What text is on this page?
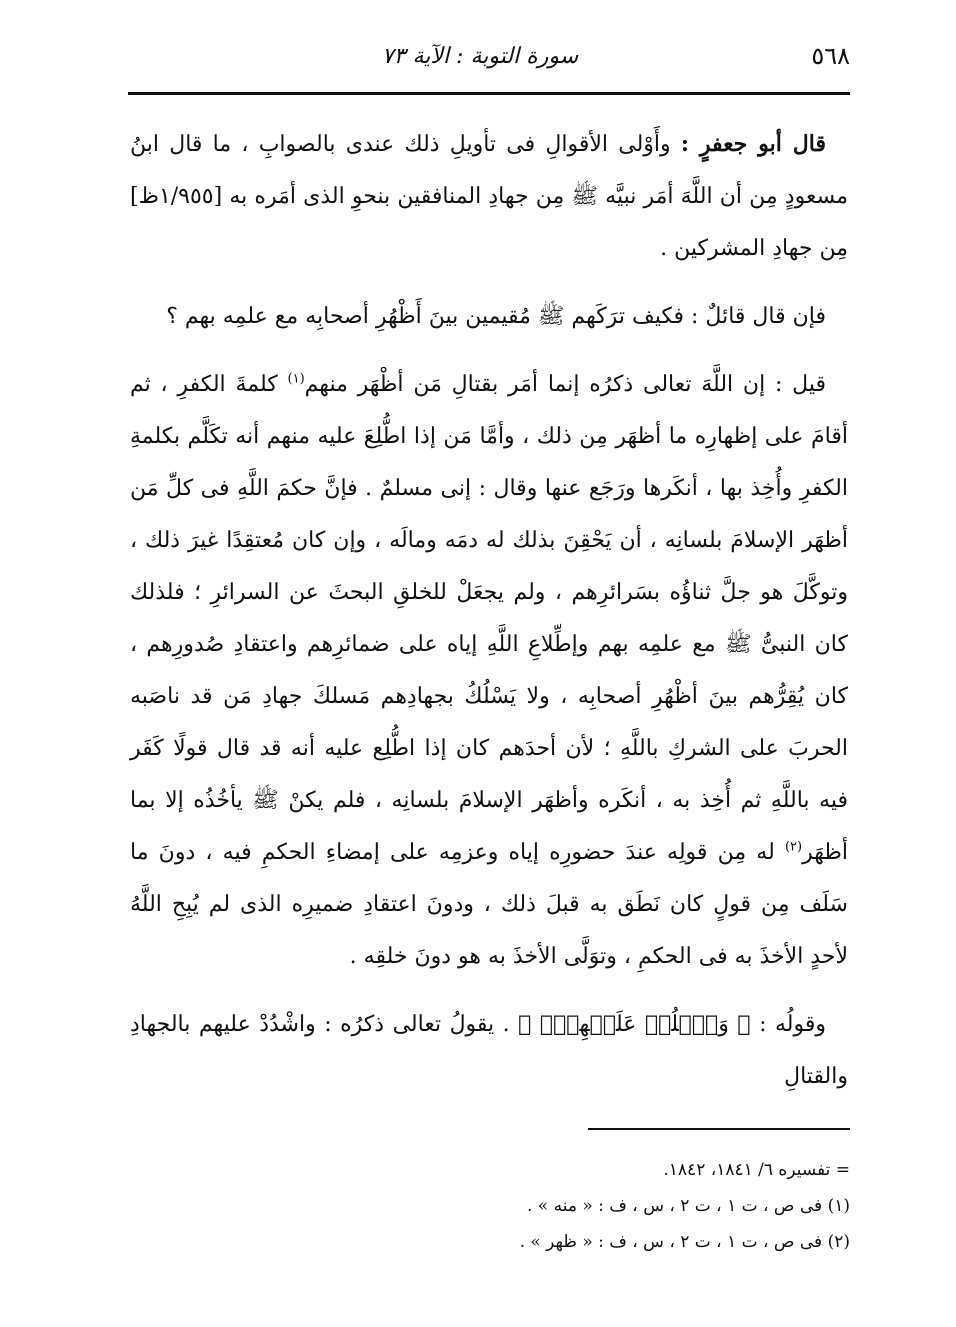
٥٦٨
سورة التوبة : الآية ٧٣

قال أبو جعفرٍ : وأَوْلى الأقوالِ فى تأويلِ ذلك عندى بالصوابِ ، ما قال ابنُ مسعودٍ مِن أن اللَّهَ أمَر نبيَّه ﷺ مِن جهادِ المنافقين بنحوِ الذى أمَره به [١/٩٥٥ظ] مِن جهادِ المشركين .

فإن قال قائلٌ : فكيف ترَكَهم ﷺ مُقيمين بينَ أَظْهُرِ أصحابِه مع علمِه بهم ؟

قيل : إن اللَّهَ تعالى ذكرُه إنما أمَر بقتالِ مَن أظْهَر منهم$^{(١)}$ كلمةَ الكفرِ ، ثم أقامَ على إظهارِه ما أظهَر مِن ذلك ، وأمَّا مَن إذا اطُّلِعَ عليه منهم أنه تكَلَّم بكلمةِ الكفرِ وأُخِذ بها ، أنكَرها ورَجَع عنها وقال : إنى مسلمٌ . فإنَّ حكمَ اللَّهِ فى كلِّ مَن أظهَر الإسلامَ بلسانِه ، أن يَحْقِنَ بذلك له دمَه ومالَه ، وإن كان مُعتقِدًا غيرَ ذلك ، وتوكَّلَ هو جلَّ ثناؤُه بسَرائرِهم ، ولم يجعَلْ للخلقِ البحثَ عن السرائرِ ؛ فلذلك كان النبىُّ ﷺ مع علمِه بهم وإطِّلاعِ اللَّهِ إياه على ضمائرِهم واعتقادِ صُدورِهم ، كان يُقِرُّهم بينَ أظْهُرِ أصحابِه ، ولا يَسْلُكُ بجهادِهم مَسلكَ جهادِ مَن قد ناصَبه الحربَ على الشركِ باللَّهِ ؛ لأن أحدَهم كان إذا اطُّلِع عليه أنه قد قال قولًا كَفَر فيه باللَّهِ ثم أُخِذ به ، أنكَره وأظهَر الإسلامَ بلسانِه ، فلم يكنْ ﷺ يأخُذُه إلا بما أظهَر$^{(٢)}$ له مِن قولِه عندَ حضورِه إياه وعزمِه على إمضاءِ الحكمِ فيه ، دونَ ما سَلَف مِن قولٍ كان نَطَق به قبلَ ذلك ، ودونَ اعتقادِ ضميرِه الذى لم يُبِحِ اللَّهُ لأحدٍ الأخذَ به فى الحكمِ ، وتوَلَّى الأخذَ به هو دونَ خلقِه .

وقولُه : ﴿ وَٱغۡلُظۡ عَلَيۡهِمۡۚ ﴾ . يقولُ تعالى ذكرُه : واشْدُدْ عليهم بالجهادِ والقتالِ

= تفسيره ٦/ ١٨٤١، ١٨٤٢.
(١) فى ص ، ت ١ ، ت ٢ ، س ، ف : « منه » .
(٢) فى ص ، ت ١ ، ت ٢ ، س ، ف : « ظهر » .
